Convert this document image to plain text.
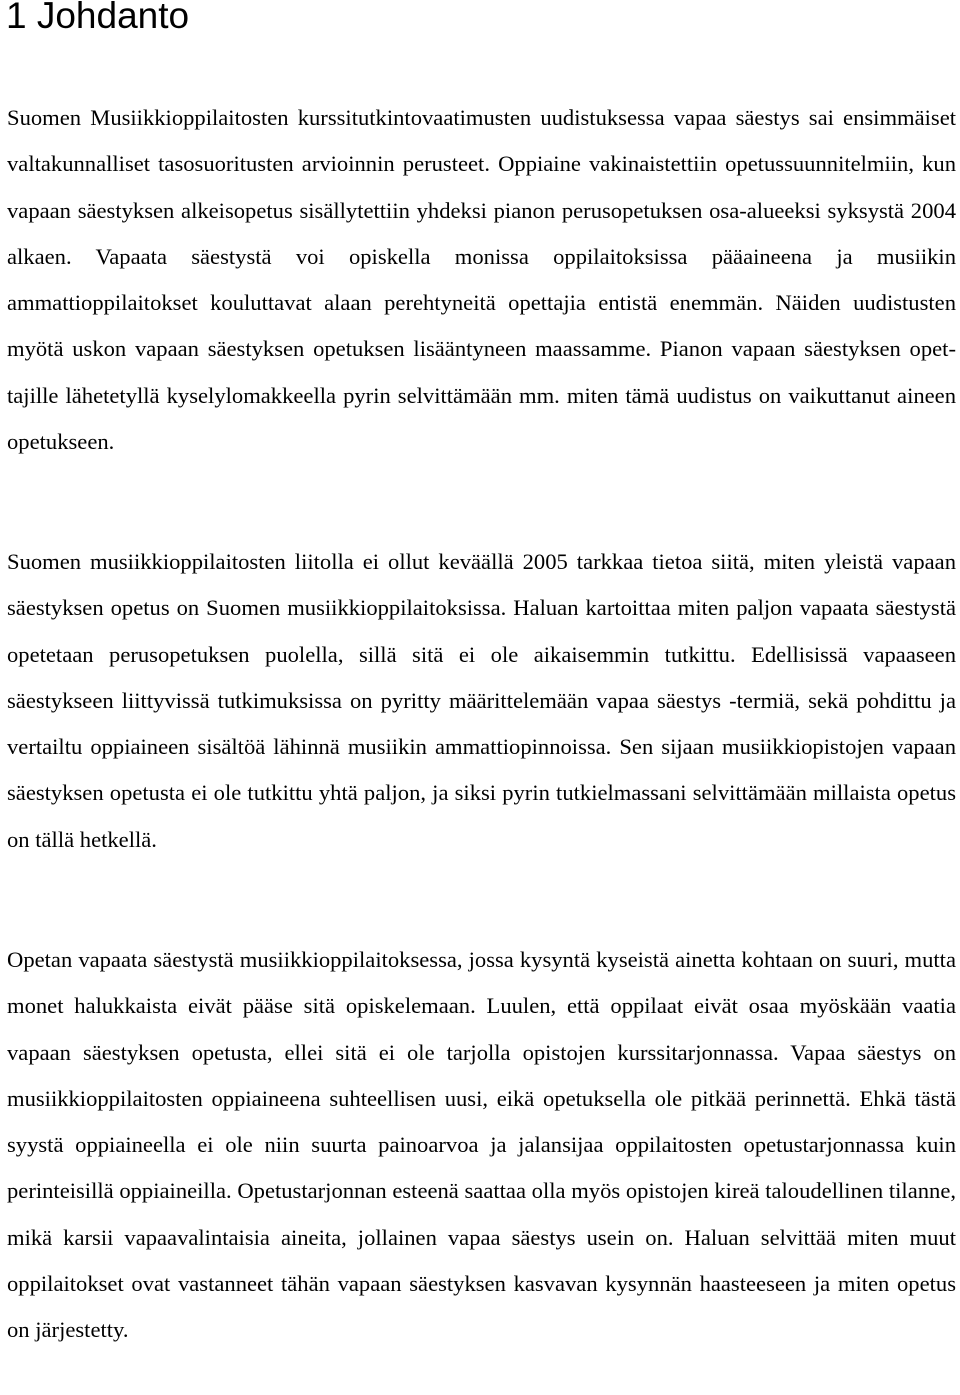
1 Johdanto

Suomen Musiikkioppilaitosten kurssitutkintovaatimusten uudistuksessa vapaa säestys sai ensimmäiset valtakunnalliset tasosuoritusten arvioinnin perusteet. Oppiaine vakinaistettiin opetussuunnitelmiin, kun vapaan säestyksen alkeisopetus sisällytettiin yhdeksi pianon perusopetuksen osa-alueeksi syksystä 2004 alkaen. Vapaata säestystä voi opiskella monissa oppilaitoksissa pääaineena ja musiikin ammattioppilaitokset kouluttavat alaan perehtyneitä opettajia entistä enemmän. Näiden uudistusten myötä uskon vapaan säestyksen opetuksen lisääntyneen maassamme. Pianon vapaan säestyksen opettajille lähetetyllä kyselylomakkeella pyrin selvittämään mm. miten tämä uudistus on vaikuttanut aineen opetukseen.

Suomen musiikkioppilaitosten liitolla ei ollut keväällä 2005 tarkkaa tietoa siitä, miten yleistä vapaan säestyksen opetus on Suomen musiikkioppilaitoksissa. Haluan kartoittaa miten paljon vapaata säestystä opetetaan perusopetuksen puolella, sillä sitä ei ole aikaisemmin tutkittu. Edellisissä vapaaseen säestykseen liittyvissä tutkimuksissa on pyritty määrittelemään vapaa säestys -termiä, sekä pohdittu ja vertailtu oppiaineen sisältöä lähinnä musiikin ammattiopinnoissa. Sen sijaan musiikkiopistojen vapaan säestyksen opetusta ei ole tutkittu yhtä paljon, ja siksi pyrin tutkielmassani selvittämään millaista opetus on tällä hetkellä.

Opetan vapaata säestystä musiikkioppilaitoksessa, jossa kysyntä kyseistä ainetta kohtaan on suuri, mutta monet halukkaista eivät pääse sitä opiskelemaan. Luulen, että oppilaat eivät osaa myöskään vaatia vapaan säestyksen opetusta, ellei sitä ei ole tarjolla opistojen kurssitarjonnassa. Vapaa säestys on musiikkioppilaitosten oppiaineena suhteellisen uusi, eikä opetuksella ole pitkää perinnettä. Ehkä tästä syystä oppiaineella ei ole niin suurta painoarvoa ja jalansijaa oppilaitosten opetustarjonnassa kuin perinteisillä oppiaineilla. Opetustarjonnan esteenä saattaa olla myös opistojen kireä taloudellinen tilanne, mikä karsii vapaavalintaisia aineita, jollainen vapaa säestys usein on. Haluan selvittää miten muut oppilaitokset ovat vastanneet tähän vapaan säestyksen kasvavan kysynnän haasteeseen ja miten opetus on järjestetty.
